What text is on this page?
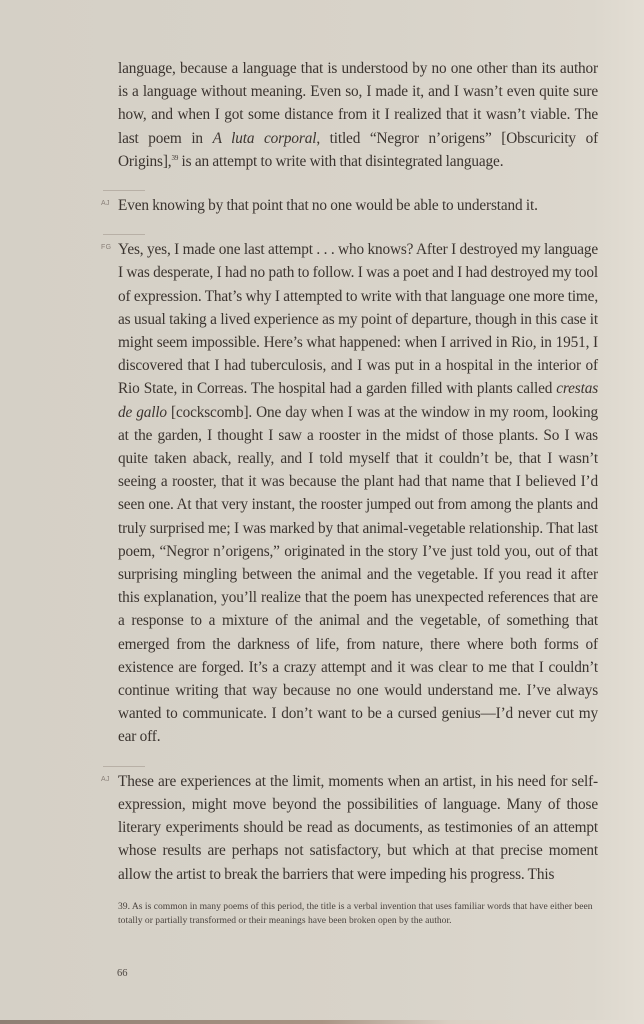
language, because a language that is understood by no one other than its author is a language without meaning. Even so, I made it, and I wasn’t even quite sure how, and when I got some distance from it I realized that it wasn’t viable. The last poem in A luta corporal, titled “Negror n’origens” [Obscuricity of Origins],$^{39}$ is an attempt to write with that disintegrated language.
AJ Even knowing by that point that no one would be able to understand it.
FG Yes, yes, I made one last attempt . . . who knows? After I destroyed my language I was desperate, I had no path to follow. I was a poet and I had destroyed my tool of expression. That’s why I attempted to write with that language one more time, as usual taking a lived experience as my point of departure, though in this case it might seem impossible. Here’s what happened: when I arrived in Rio, in 1951, I discovered that I had tuberculosis, and I was put in a hospital in the interior of Rio State, in Correas. The hospital had a garden filled with plants called crestas de gallo [cockscomb]. One day when I was at the window in my room, looking at the garden, I thought I saw a rooster in the midst of those plants. So I was quite taken aback, really, and I told myself that it couldn’t be, that I wasn’t seeing a rooster, that it was because the plant had that name that I believed I’d seen one. At that very instant, the rooster jumped out from among the plants and truly surprised me; I was marked by that animal-vegetable relationship. That last poem, “Negror n’origens,” originated in the story I’ve just told you, out of that surprising mingling between the animal and the vegetable. If you read it after this explanation, you’ll realize that the poem has unexpected references that are a response to a mixture of the animal and the vegetable, of something that emerged from the darkness of life, from nature, there where both forms of existence are forged. It’s a crazy attempt and it was clear to me that I couldn’t continue writing that way because no one would understand me. I’ve always wanted to communicate. I don’t want to be a cursed genius—I’d never cut my ear off.
AJ These are experiences at the limit, moments when an artist, in his need for self-expression, might move beyond the possibilities of language. Many of those literary experiments should be read as documents, as testimonies of an attempt whose results are perhaps not satisfactory, but which at that precise moment allow the artist to break the barriers that were impeding his progress. This
39. As is common in many poems of this period, the title is a verbal invention that uses familiar words that have either been totally or partially transformed or their meanings have been broken open by the author.
66
